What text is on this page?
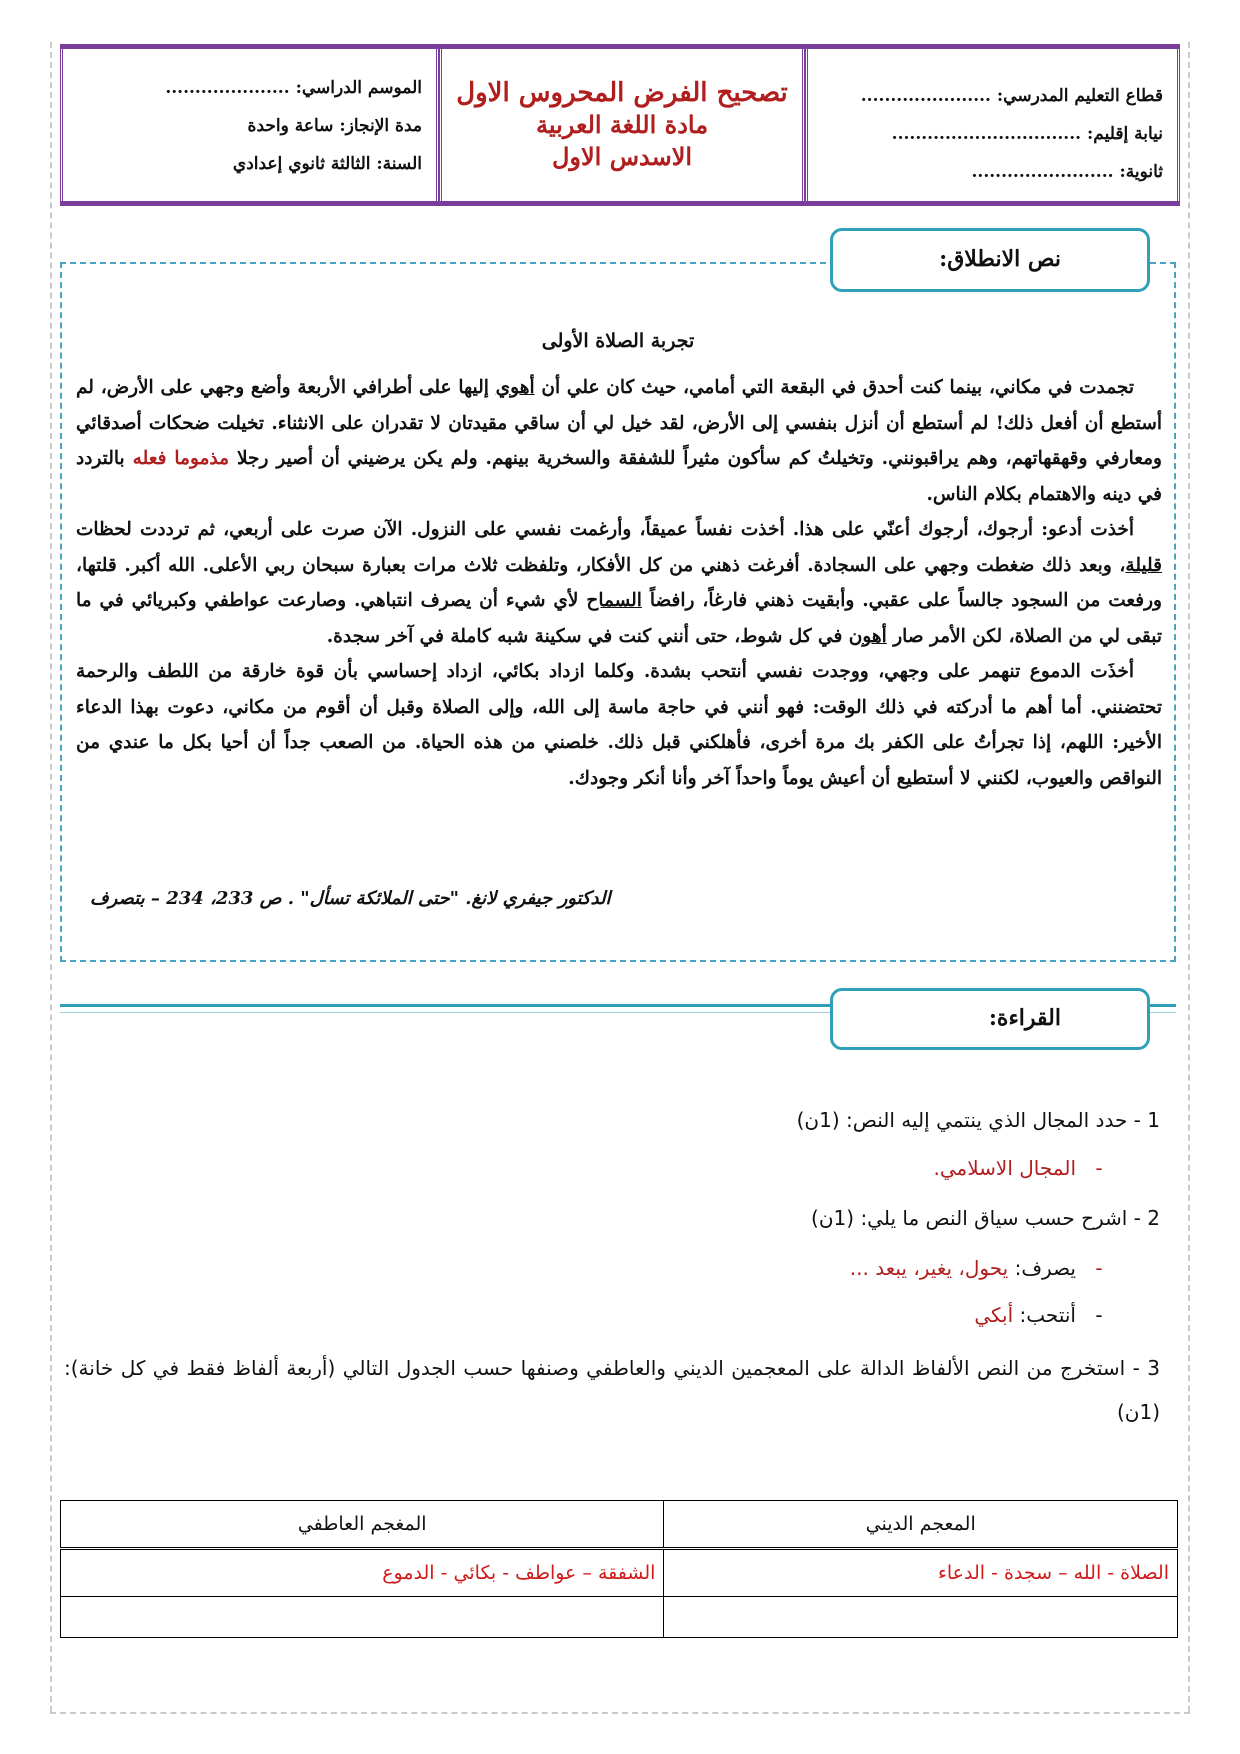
قطاع التعليم المدرسي: ......................
نيابة إقليم: ................................
ثانوية: ........................
تصحيح الفرض المحروس الاول
مادة اللغة العربية
الاسدس الاول
الموسم الدراسي: .....................
مدة الإنجاز: ساعة واحدة
السنة: الثالثة ثانوي إعدادي
نص الانطلاق:
تجربة الصلاة الأولى

تجمدت في مكاني، بينما كنت أحدق في البقعة التي أمامي، حيث كان علي أن أهوي إليها على أطرافي الأربعة وأضع وجهي على الأرض، لم أستطع أن أفعل ذلك! لم أستطع أن أنزل بنفسي إلى الأرض، لقد خيل لي أن ساقي مقيدتان لا تقدران على الانثناء. تخيلت ضحكات أصدقائي ومعارفي وقهقهاتهم، وهم يراقبونني. وتخيلتُ كم سأكون مثيراً للشفقة والسخرية بينهم. ولم يكن يرضيني أن أصير رجلا مذموما فعله بالتردد في دينه والاهتمام بكلام الناس.

أخذت أدعو: أرجوك، أرجوك أعنّي على هذا. أخذت نفساً عميقاً، وأرغمت نفسي على النزول. الآن صرت على أربعي، ثم ترددت لحظات قليلة، وبعد ذلك ضغطت وجهي على السجادة. أفرغت ذهني من كل الأفكار، وتلفظت ثلاث مرات بعبارة سبحان ربي الأعلى. الله أكبر. قلتها، ورفعت من السجود جالساً على عقبي. وأبقيت ذهني فارغاً، رافضاً السماح لأي شيء أن يصرف انتباهي. وصارعت عواطفي وكبريائي في ما تبقى لي من الصلاة، لكن الأمر صار أهون في كل شوط، حتى أنني كنت في سكينة شبه كاملة في آخر سجدة.

أخذَت الدموع تنهمر على وجهي، ووجدت نفسي أنتحب بشدة. وكلما ازداد بكائي، ازداد إحساسي بأن قوة خارقة من اللطف والرحمة تحتضنني. أما أهم ما أدركته في ذلك الوقت: فهو أنني في حاجة ماسة إلى الله، وإلى الصلاة وقبل أن أقوم من مكاني، دعوت بهذا الدعاء الأخير: اللهم، إذا تجرأتُ على الكفر بك مرة أخرى، فأهلكني قبل ذلك. خلصني من هذه الحياة. من الصعب جداً أن أحيا بكل ما عندي من النواقص والعيوب، لكنني لا أستطيع أن أعيش يوماً واحداً آخر وأنا أنكر وجودك.

الدكتور جيفري لانغ. "حتى الملائكة تسأل" . ص 233، 234 – بتصرف
القراءة:
1 - حدد المجال الذي ينتمي إليه النص: (1ن)
-المجال الاسلامي.
2 - اشرح حسب سياق النص ما يلي: (1ن)
-يصرف: يحول، يغير، يبعد ...
-أنتحب: أبكي
3 - استخرج من النص الألفاظ الدالة على المعجمين الديني والعاطفي وصنفها حسب الجدول التالي (أربعة ألفاظ فقط في كل خانة): (1ن)
المعجم الديني	المغجم العاطفي
الصلاة - الله – سجدة - الدعاء	الشفقة – عواطف - بكائي - الدموع
